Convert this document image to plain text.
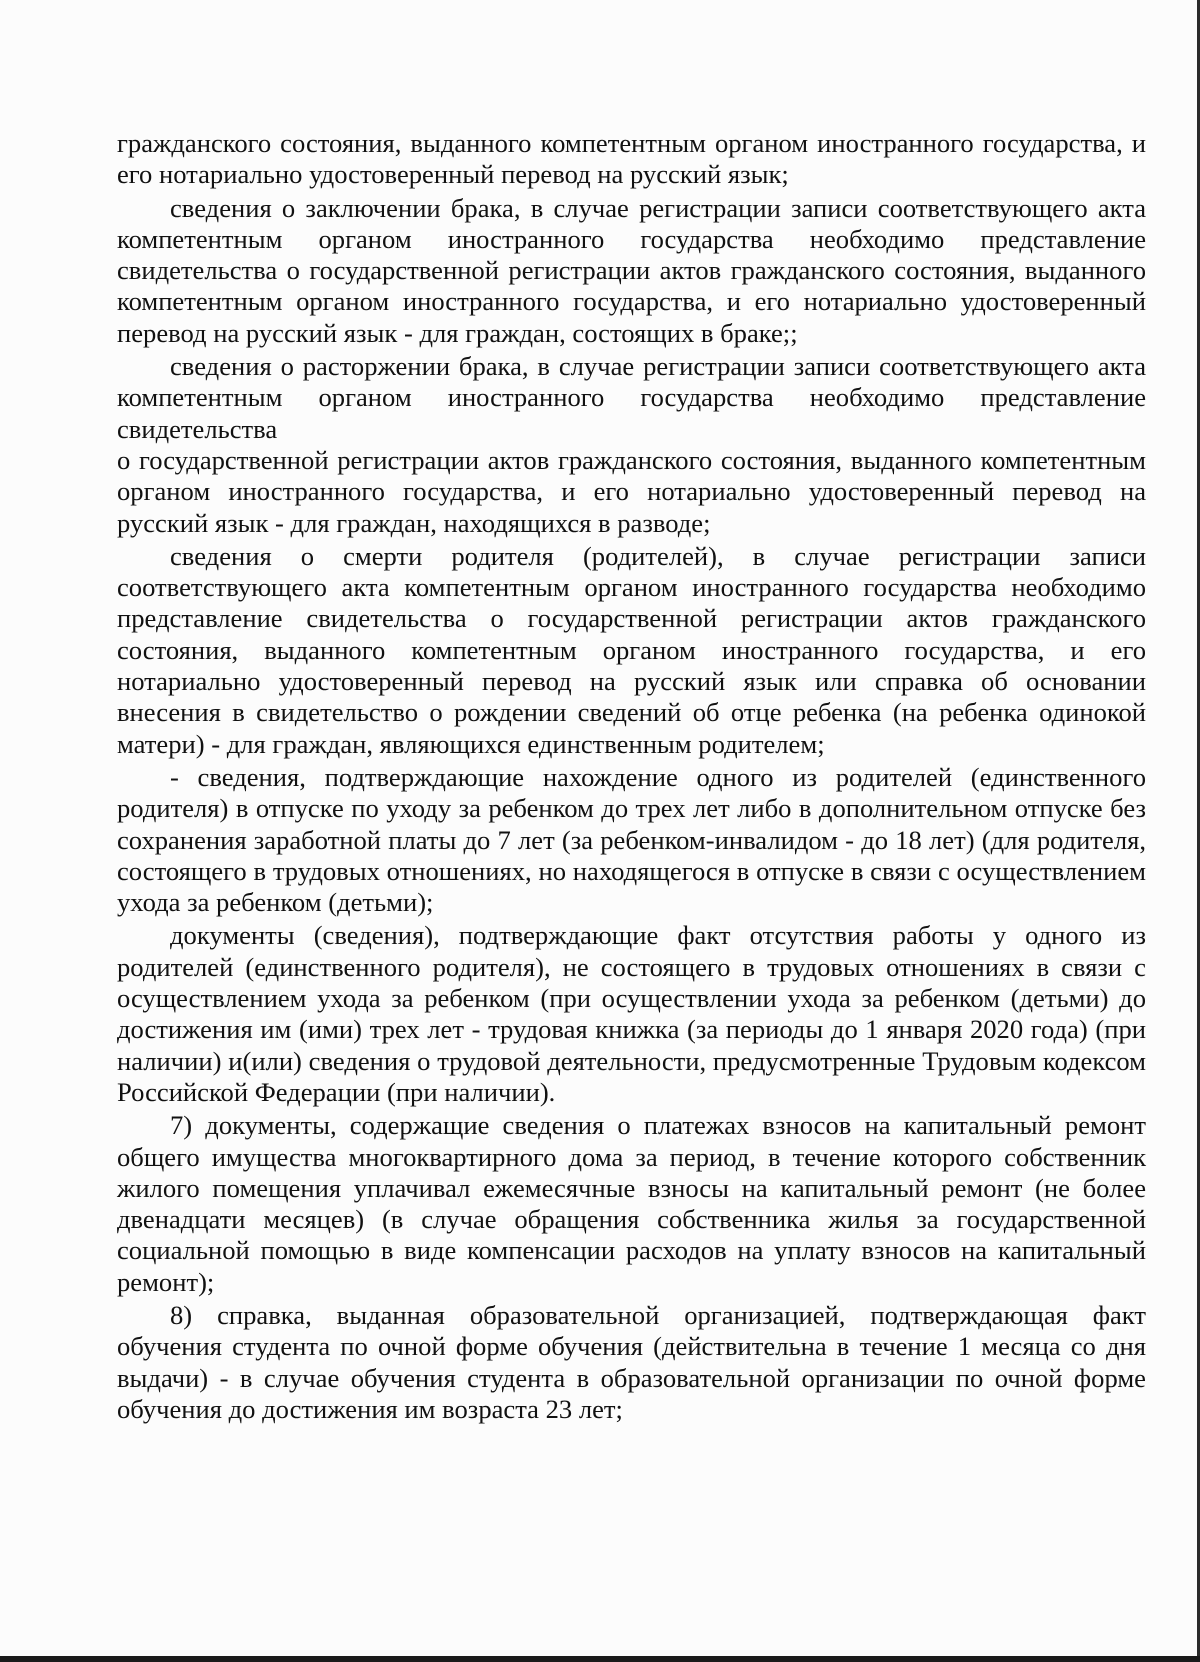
гражданского состояния, выданного компетентным органом иностранного государства, и его нотариально удостоверенный перевод на русский язык;

сведения о заключении брака, в случае регистрации записи соответствующего акта компетентным органом иностранного государства необходимо представление свидетельства о государственной регистрации актов гражданского состояния, выданного компетентным органом иностранного государства, и его нотариально удостоверенный перевод на русский язык - для граждан, состоящих в браке;;

сведения о расторжении брака, в случае регистрации записи соответствующего акта компетентным органом иностранного государства необходимо представление свидетельства

о государственной регистрации актов гражданского состояния, выданного компетентным органом иностранного государства, и его нотариально удостоверенный перевод на русский язык - для граждан, находящихся в разводе;

сведения о смерти родителя (родителей), в случае регистрации записи соответствующего акта компетентным органом иностранного государства необходимо представление свидетельства о государственной регистрации актов гражданского состояния, выданного компетентным органом иностранного государства, и его нотариально удостоверенный перевод на русский язык или справка об основании внесения в свидетельство о рождении сведений об отце ребенка (на ребенка одинокой матери) - для граждан, являющихся единственным родителем;

- сведения, подтверждающие нахождение одного из родителей (единственного родителя) в отпуске по уходу за ребенком до трех лет либо в дополнительном отпуске без сохранения заработной платы до 7 лет (за ребенком-инвалидом - до 18 лет) (для родителя, состоящего в трудовых отношениях, но находящегося в отпуске в связи с осуществлением ухода за ребенком (детьми);

документы (сведения), подтверждающие факт отсутствия работы у одного из родителей (единственного родителя), не состоящего в трудовых отношениях в связи с осуществлением ухода за ребенком (при осуществлении ухода за ребенком (детьми) до достижения им (ими) трех лет - трудовая книжка (за периоды до 1 января 2020 года) (при наличии) и(или) сведения о трудовой деятельности, предусмотренные Трудовым кодексом Российской Федерации (при наличии).

7) документы, содержащие сведения о платежах взносов на капитальный ремонт общего имущества многоквартирного дома за период, в течение которого собственник жилого помещения уплачивал ежемесячные взносы на капитальный ремонт (не более двенадцати месяцев) (в случае обращения собственника жилья за государственной социальной помощью в виде компенсации расходов на уплату взносов на капитальный ремонт);

8) справка, выданная образовательной организацией, подтверждающая факт обучения студента по очной форме обучения (действительна в течение 1 месяца со дня выдачи) - в случае обучения студента в образовательной организации по очной форме обучения до достижения им возраста 23 лет;
